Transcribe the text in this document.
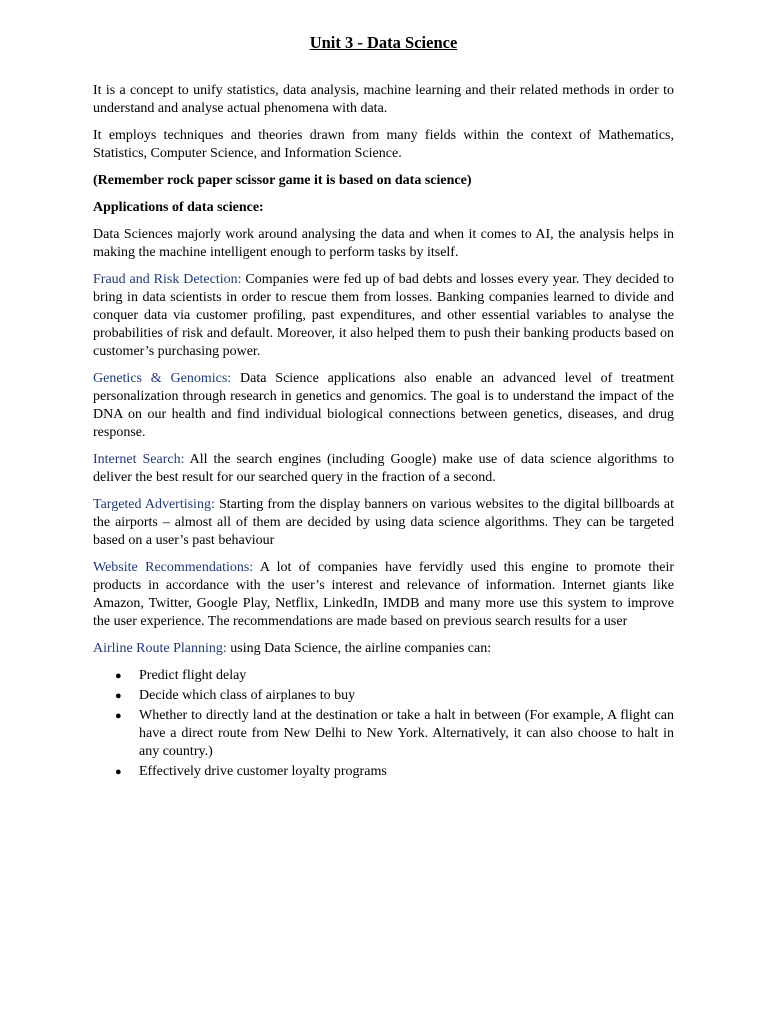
Unit 3 - Data Science

It is a concept to unify statistics, data analysis, machine learning and their related methods in order to understand and analyse actual phenomena with data.

It employs techniques and theories drawn from many fields within the context of Mathematics, Statistics, Computer Science, and Information Science.

(Remember rock paper scissor game it is based on data science)

Applications of data science:

Data Sciences majorly work around analysing the data and when it comes to AI, the analysis helps in making the machine intelligent enough to perform tasks by itself.

Fraud and Risk Detection: Companies were fed up of bad debts and losses every year. They decided to bring in data scientists in order to rescue them from losses. Banking companies learned to divide and conquer data via customer profiling, past expenditures, and other essential variables to analyse the probabilities of risk and default. Moreover, it also helped them to push their banking products based on customer’s purchasing power.

Genetics & Genomics: Data Science applications also enable an advanced level of treatment personalization through research in genetics and genomics. The goal is to understand the impact of the DNA on our health and find individual biological connections between genetics, diseases, and drug response.

Internet Search: All the search engines (including Google) make use of data science algorithms to deliver the best result for our searched query in the fraction of a second.

Targeted Advertising: Starting from the display banners on various websites to the digital billboards at the airports – almost all of them are decided by using data science algorithms. They can be targeted based on a user’s past behaviour

Website Recommendations: A lot of companies have fervidly used this engine to promote their products in accordance with the user’s interest and relevance of information. Internet giants like Amazon, Twitter, Google Play, Netflix, LinkedIn, IMDB and many more use this system to improve the user experience. The recommendations are made based on previous search results for a user

Airline Route Planning: using Data Science, the airline companies can:

● Predict flight delay
● Decide which class of airplanes to buy
● Whether to directly land at the destination or take a halt in between (For example, A flight can have a direct route from New Delhi to New York. Alternatively, it can also choose to halt in any country.)
● Effectively drive customer loyalty programs
